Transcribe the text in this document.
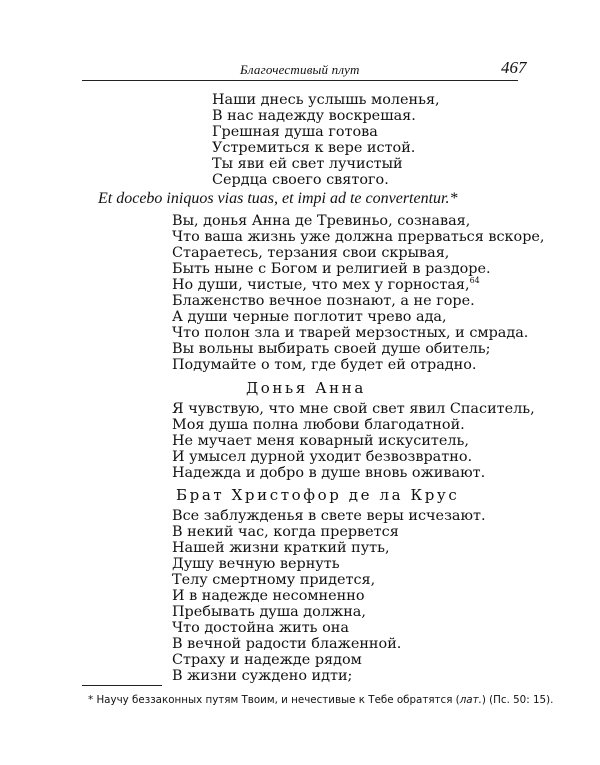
Благочестивый плут	467
Наши днесь услышь моленья,
В нас надежду воскрешая.
Грешная душа готова
Устремиться к вере истой.
Ты яви ей свет лучистый
Сердца своего святого.
Et docebo iniquos vias tuas, et impi ad te convertentur.*
Вы, донья Анна де Тревиньо, сознавая,
Что ваша жизнь уже должна прерваться вскоре,
Стараетесь, терзания свои скрывая,
Быть ныне с Богом и религией в раздоре.
Но души, чистые, что мех у горностая,$^{64}$
Блаженство вечное познают, а не горе.
А души черные поглотит чрево ада,
Что полон зла и тварей мерзостных, и смрада.
Вы вольны выбирать своей душе обитель;
Подумайте о том, где будет ей отрадно.
Донья Анна
Я чувствую, что мне свой свет явил Спаситель,
Моя душа полна любови благодатной.
Не мучает меня коварный искуситель,
И умысел дурной уходит безвозвратно.
Надежда и добро в душе вновь оживают.
Брат Христофор де ла Крус
Все заблужденья в свете веры исчезают.
В некий час, когда прервется
Нашей жизни краткий путь,
Душу вечную вернуть
Телу смертному придется,
И в надежде несомненно
Пребывать душа должна,
Что достойна жить она
В вечной радости блаженной.
Страху и надежде рядом
В жизни суждено идти;
* Научу беззаконных путям Твоим, и нечестивые к Тебе обратятся (лат.) (Пс. 50: 15).
